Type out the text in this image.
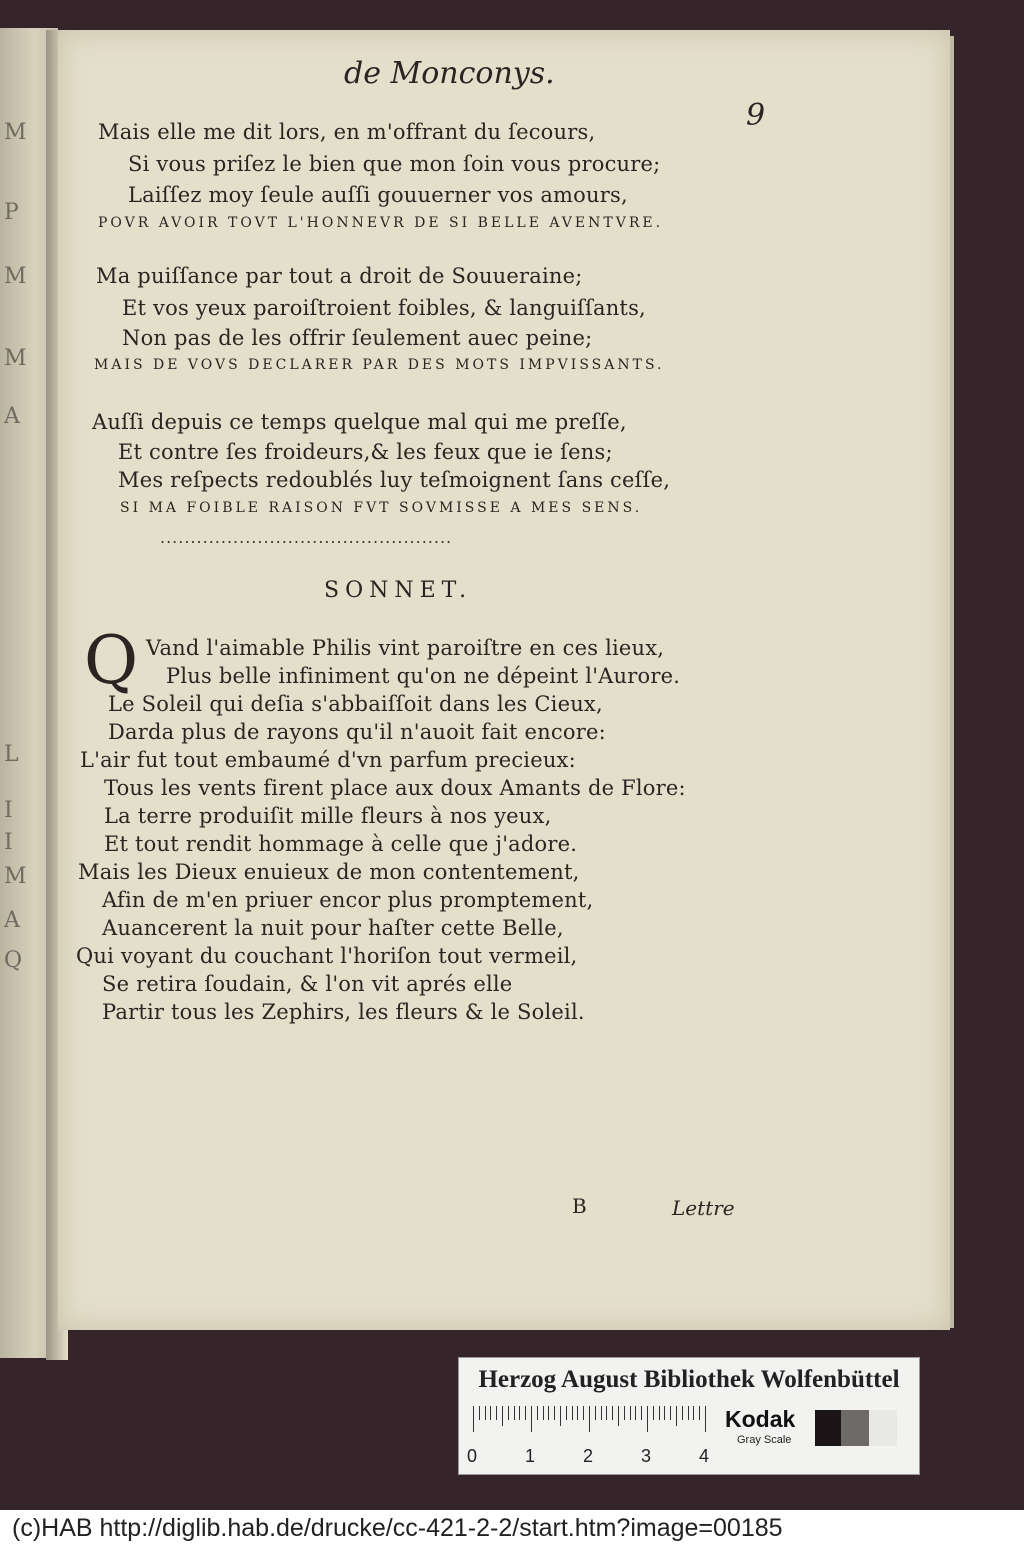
M
P
M
M
A
L
I
I
M
A
Q
de Monconys.
9
Mais elle me dit lors, en m'offrant du ſecours,
Si vous priſez le bien que mon ſoin vous procure;
Laiſſez moy ſeule auſſi gouuerner vos amours,
POVR AVOIR TOVT L'HONNEVR DE SI BELLE AVENTVRE.
Ma puiſſance par tout a droit de Souueraine;
Et vos yeux paroiſtroient foibles, & languiſſants,
Non pas de les offrir ſeulement auec peine;
MAIS DE VOVS DECLARER PAR DES MOTS IMPVISSANTS.
Auſſi depuis ce temps quelque mal qui me preſſe,
Et contre ſes froideurs,& les feux que ie ſens;
Mes reſpects redoublés luy teſmoignent ſans ceſſe,
SI MA FOIBLE RAISON FVT SOVMISSE A MES SENS.
................................................
SONNET.
Q Vand l'aimable Philis vint paroiſtre en ces lieux,
Plus belle infiniment qu'on ne dépeint l'Aurore.
Le Soleil qui deſia s'abbaiſſoit dans les Cieux,
Darda plus de rayons qu'il n'auoit fait encore:
L'air fut tout embaumé d'vn parfum precieux:
Tous les vents firent place aux doux Amants de Flore:
La terre produiſit mille fleurs à nos yeux,
Et tout rendit hommage à celle que j'adore.
Mais les Dieux enuieux de mon contentement,
Afin de m'en priuer encor plus promptement,
Auancerent la nuit pour haſter cette Belle,
Qui voyant du couchant l'horiſon tout vermeil,
Se retira ſoudain, & l'on vit aprés elle
Partir tous les Zephirs, les fleurs & le Soleil.
B	Lettre
Herzog August Bibliothek Wolfenbüttel
0	1	2	3	4
Kodak
Gray Scale
(c)HAB http://diglib.hab.de/drucke/cc-421-2-2/start.htm?image=00185
